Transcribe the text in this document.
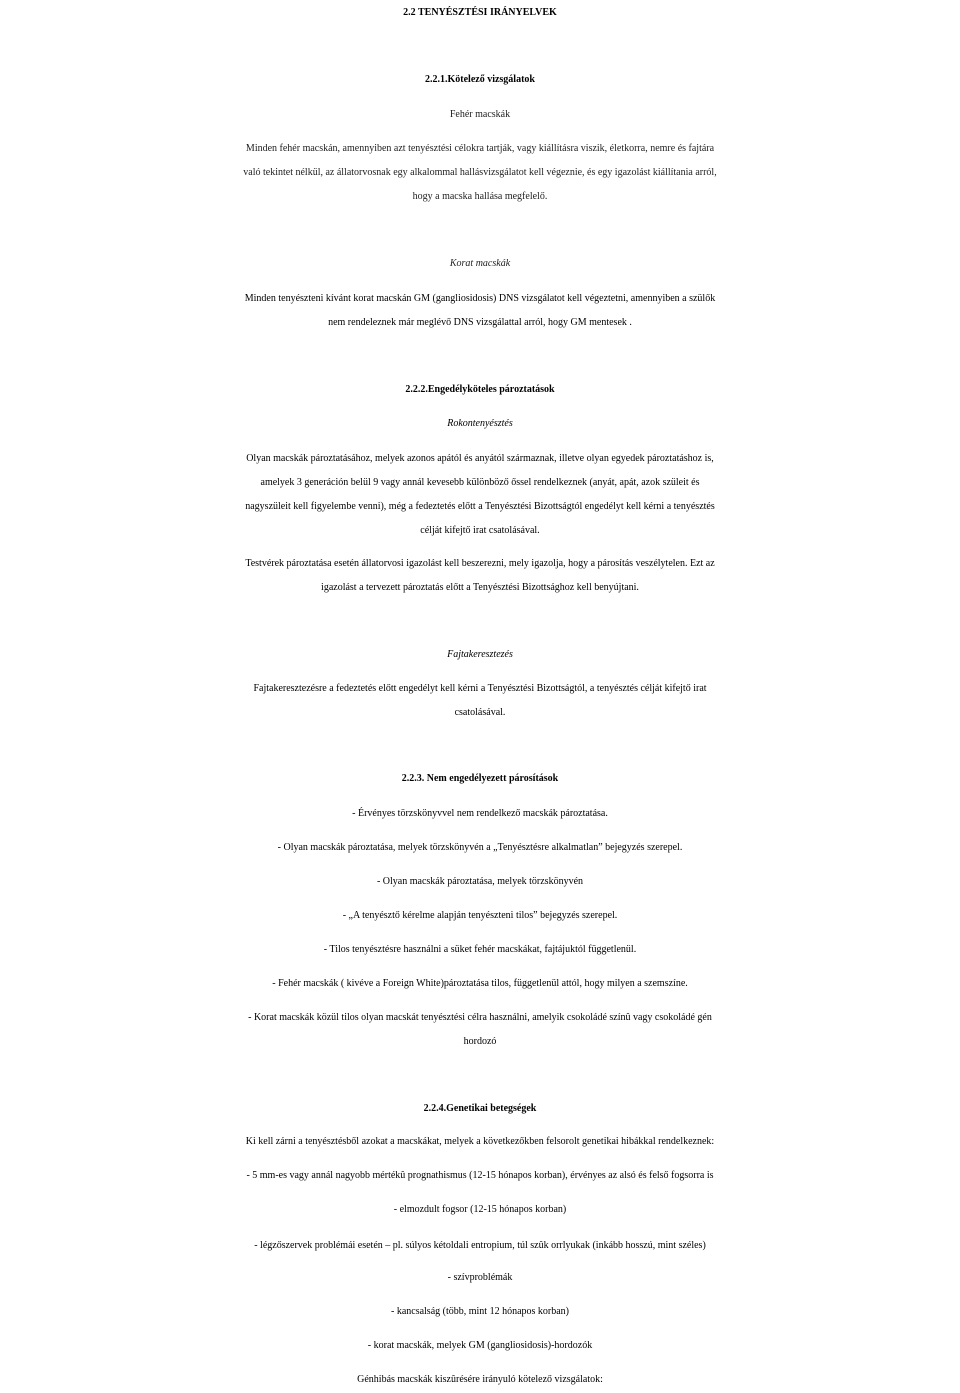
2.2 TENYÉSZTÉSI IRÁNYELVEK
2.2.1.Kötelező vizsgálatok
Fehér macskák
Minden fehér macskán, amennyiben azt tenyésztési célokra tartják, vagy kiállításra viszik, életkorra, nemre és fajtára
való tekintet nélkül, az állatorvosnak egy alkalommal hallásvizsgálatot kell végeznie, és egy igazolást kiállítania arról,
hogy a macska hallása megfelelő.
Korat macskák
Minden tenyészteni kívánt korat macskán GM (gangliosidosis) DNS vizsgálatot kell végeztetni, amennyiben a szülők
nem rendeleznek már meglévő DNS vizsgálattal arról, hogy GM mentesek .
2.2.2.Engedélyköteles pároztatások
Rokontenyésztés
Olyan macskák pároztatásához, melyek azonos apától és anyától származnak, illetve olyan egyedek pároztatáshoz is,
amelyek 3 generáción belül 9 vagy annál kevesebb különböző őssel rendelkeznek (anyát, apát, azok szüleit és
nagyszüleit kell figyelembe venni), még a fedeztetés előtt a Tenyésztési Bizottságtól engedélyt kell kérni a tenyésztés
célját kifejtő irat csatolásával.
Testvérek pároztatása esetén állatorvosi igazolást kell beszerezni, mely igazolja, hogy a párosítás veszélytelen. Ezt az
igazolást a tervezett pároztatás előtt a Tenyésztési Bizottsághoz kell benyújtani.
Fajtakeresztezés
Fajtakeresztezésre a fedeztetés előtt engedélyt kell kérni a Tenyésztési Bizottságtól, a tenyésztés célját kifejtő irat
csatolásával.
2.2.3. Nem engedélyezett párosítások
- Érvényes törzskönyvvel nem rendelkező macskák pároztatása.
- Olyan macskák pároztatása, melyek törzskönyvén a „Tenyésztésre alkalmatlan” bejegyzés szerepel.
- Olyan macskák pároztatása, melyek törzskönyvén
- „A tenyésztő kérelme alapján tenyészteni tilos” bejegyzés szerepel.
- Tilos tenyésztésre használni a süket fehér macskákat, fajtájuktól függetlenül.
- Fehér macskák ( kivéve a Foreign White)pároztatása tilos, függetlenül attól, hogy milyen a szemszíne.
- Korat macskák közül tilos olyan macskát tenyésztési célra használni, amelyik csokoládé színû vagy csokoládé gén
hordozó
2.2.4.Genetikai betegségek
Ki kell zárni a tenyésztésből azokat a macskákat, melyek a következőkben felsorolt genetikai hibákkal rendelkeznek:
- 5 mm-es vagy annál nagyobb mértékû prognathismus (12-15 hónapos korban), érvényes az alsó és felső fogsorra is
- elmozdult fogsor (12-15 hónapos korban)
- légzőszervek problémái esetén – pl. súlyos kétoldali entropium, túl szûk orrlyukak (inkább hosszú, mint széles)
- szívproblémák
- kancsalság (több, mint 12 hónapos korban)
- korat macskák, melyek GM (gangliosidosis)-hordozók
Génhibás macskák kiszûrésére irányuló kötelező vizsgálatok:
